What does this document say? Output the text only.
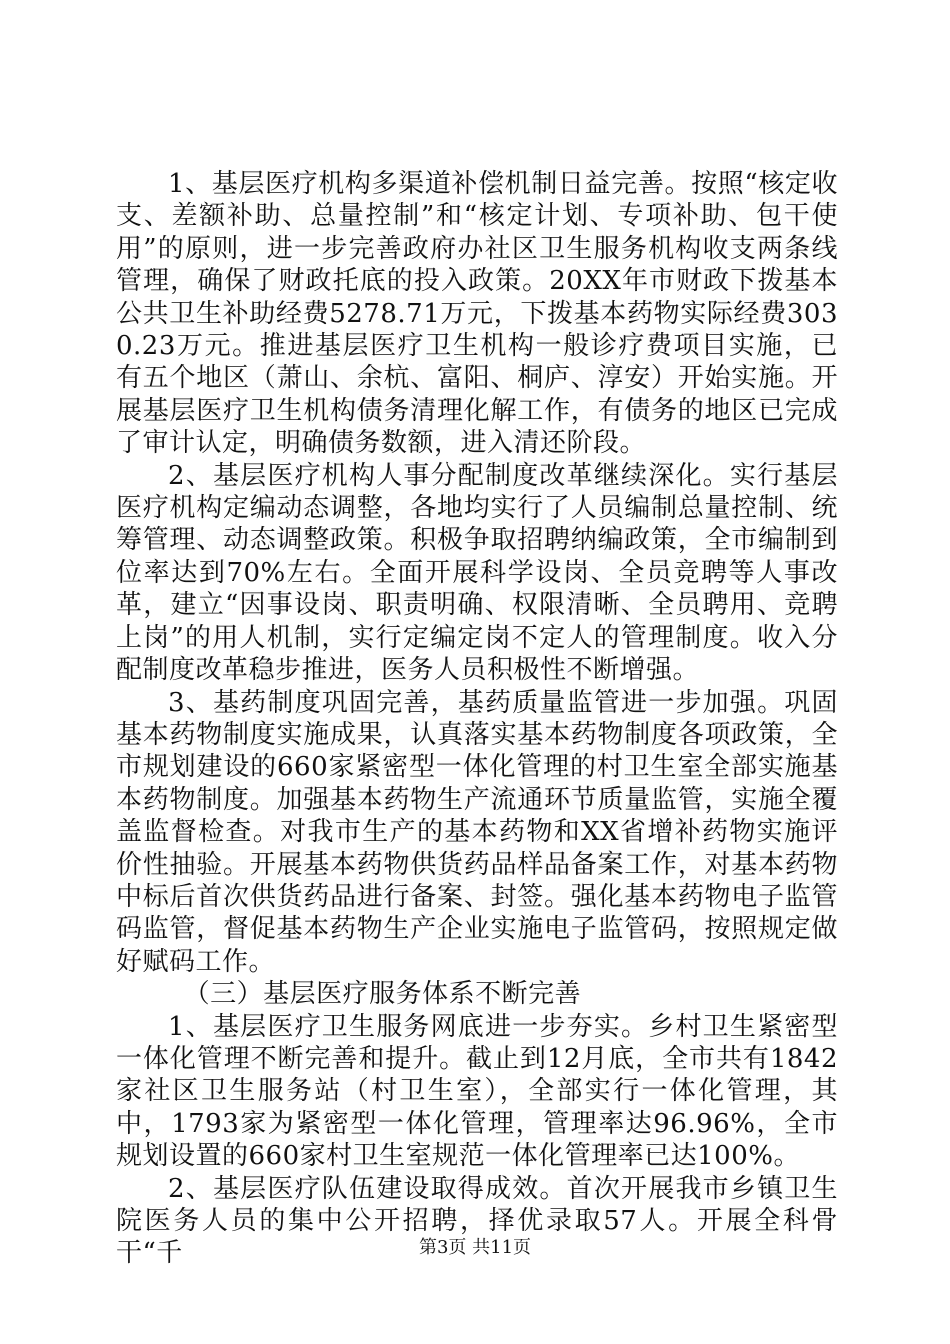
1、基层医疗机构多渠道补偿机制日益完善。按照“核定收支、差额补助、总量控制”和“核定计划、专项补助、包干使用”的原则，进一步完善政府办社区卫生服务机构收支两条线管理，确保了财政托底的投入政策。20XX年市财政下拨基本公共卫生补助经费5278.71万元，下拨基本药物实际经费3030.23万元。推进基层医疗卫生机构一般诊疗费项目实施，已有五个地区（萧山、余杭、富阳、桐庐、淳安）开始实施。开展基层医疗卫生机构债务清理化解工作，有债务的地区已完成了审计认定，明确债务数额，进入清还阶段。

2、基层医疗机构人事分配制度改革继续深化。实行基层医疗机构定编动态调整，各地均实行了人员编制总量控制、统筹管理、动态调整政策。积极争取招聘纳编政策，全市编制到位率达到70%左右。全面开展科学设岗、全员竞聘等人事改革，建立“因事设岗、职责明确、权限清晰、全员聘用、竞聘上岗”的用人机制，实行定编定岗不定人的管理制度。收入分配制度改革稳步推进，医务人员积极性不断增强。

3、基药制度巩固完善，基药质量监管进一步加强。巩固基本药物制度实施成果，认真落实基本药物制度各项政策，全市规划建设的660家紧密型一体化管理的村卫生室全部实施基本药物制度。加强基本药物生产流通环节质量监管，实施全覆盖监督检查。对我市生产的基本药物和XX省增补药物实施评价性抽验。开展基本药物供货药品样品备案工作，对基本药物中标后首次供货药品进行备案、封签。强化基本药物电子监管码监管，督促基本药物生产企业实施电子监管码，按照规定做好赋码工作。

（三）基层医疗服务体系不断完善

1、基层医疗卫生服务网底进一步夯实。乡村卫生紧密型一体化管理不断完善和提升。截止到12月底，全市共有1842家社区卫生服务站（村卫生室），全部实行一体化管理，其中，1793家为紧密型一体化管理，管理率达96.96%，全市规划设置的660家村卫生室规范一体化管理率已达100%。

2、基层医疗队伍建设取得成效。首次开展我市乡镇卫生院医务人员的集中公开招聘，择优录取57人。开展全科骨干“千	第3页 共11页
